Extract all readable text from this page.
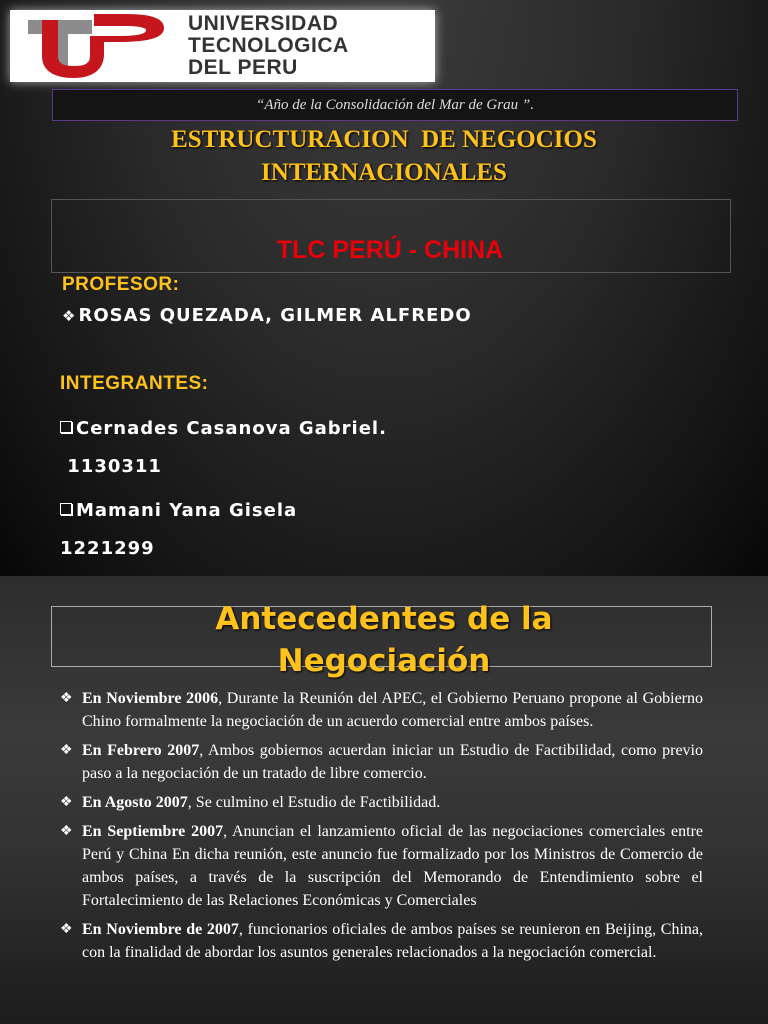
UNIVERSIDAD
TECNOLOGICA
DEL PERU
“Año de la Consolidación del Mar de Grau ”.
ESTRUCTURACION  DE NEGOCIOS
INTERNACIONALES
TLC PERÚ - CHINA
PROFESOR:
❖ ROSAS QUEZADA, GILMER ALFREDO
INTEGRANTES:
Cernades Casanova Gabriel.
1130311
Mamani Yana Gisela
1221299
Antecedentes de la
Negociación
❖ En Noviembre 2006, Durante la Reunión del APEC, el Gobierno Peruano propone al Gobierno Chino formalmente la negociación de un acuerdo comercial entre ambos países.
❖ En Febrero 2007, Ambos gobiernos acuerdan iniciar un Estudio de Factibilidad, como previo paso a la negociación de un tratado de libre comercio.
❖ En Agosto 2007, Se culmino el Estudio de Factibilidad.
❖ En Septiembre 2007, Anuncian el lanzamiento oficial de las negociaciones comerciales entre Perú y China En dicha reunión, este anuncio fue formalizado por los Ministros de Comercio de ambos países, a través de la suscripción del Memorando de Entendimiento sobre el Fortalecimiento de las Relaciones Económicas y Comerciales
❖ En Noviembre de 2007, funcionarios oficiales de ambos países se reunieron en Beijing, China, con la finalidad de abordar los asuntos generales relacionados a la negociación comercial.
